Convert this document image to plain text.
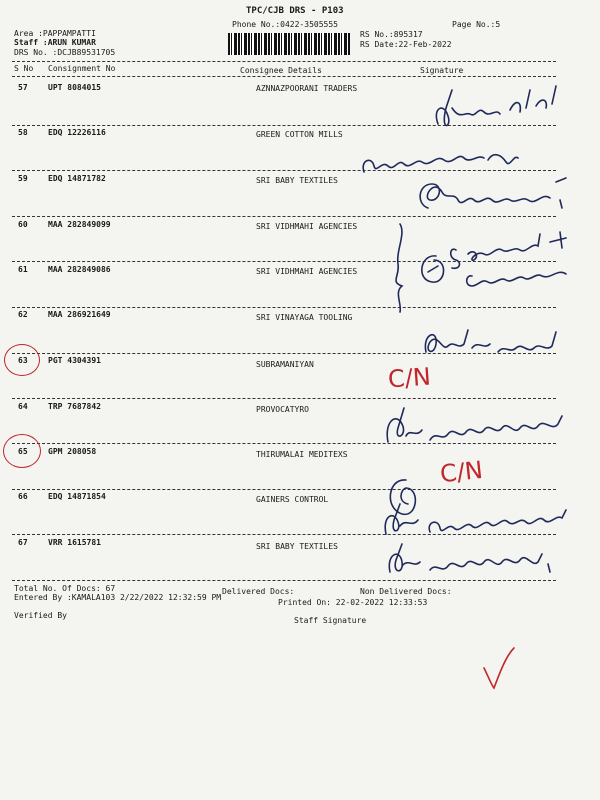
TPC/CJB DRS - P103
Phone No.:0422-3505555	Page No.:5
Area :PAPPAMPATTI
Staff :ARUN KUMAR
DRS No. :DCJB89531705
RS No.:895317
RS Date:22-Feb-2022
S No Consignment No	Consignee Details	Signature
57	UPT 8084015	AZNNAZPOORANI TRADERS
58	EDQ 12226116	GREEN COTTON MILLS
59	EDQ 14871782	SRI BABY TEXTILES
60	MAA 282849099	SRI VIDHMAHI AGENCIES
61	MAA 282849086	SRI VIDHMAHI AGENCIES
62	MAA 286921649	SRI VINAYAGA TOOLING
63	PGT 4304391	SUBRAMANIYAN
64	TRP 7687842	PROVOCATYRO
65	GPM 208058	THIRUMALAI MEDITEXS
66	EDQ 14871854	GAINERS CONTROL
67	VRR 1615781	SRI BABY TEXTILES
Total No. Of Docs: 67	Delivered Docs:	Non Delivered Docs:
Entered By :KAMALA103 2/22/2022 12:32:59 PM
Printed On: 22-02-2022 12:33:53
Verified By
Staff Signature
C/N
C/N
